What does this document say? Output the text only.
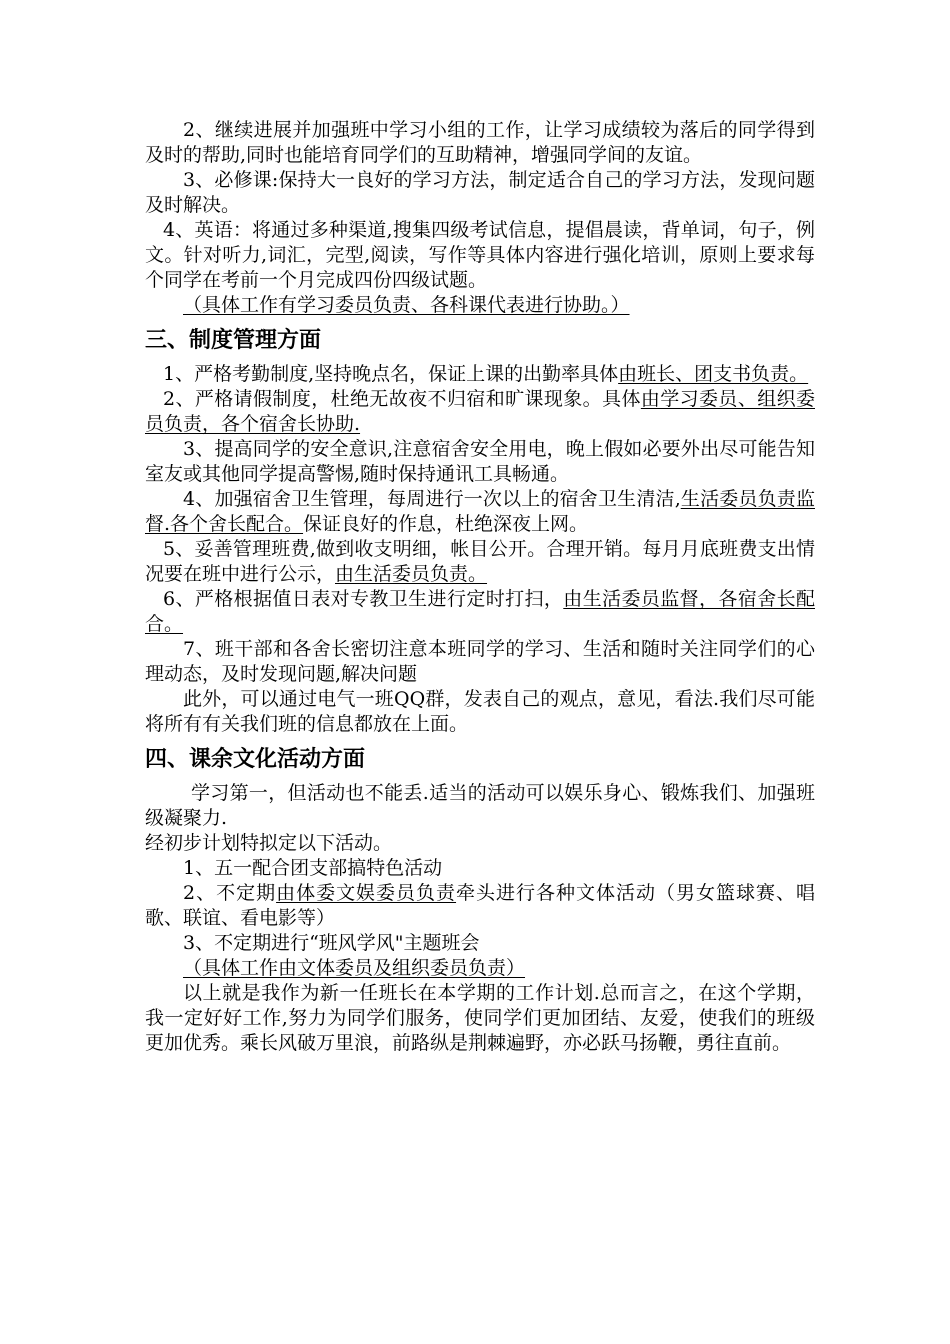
2、继续进展并加强班中学习小组的工作，让学习成绩较为落后的同学得到及时的帮助,同时也能培育同学们的互助精神，增强同学间的友谊。

3、必修课:保持大一良好的学习方法，制定适合自己的学习方法，发现问题及时解决。

4、英语：将通过多种渠道,搜集四级考试信息，提倡晨读，背单词，句子，例文。针对听力,词汇，完型,阅读，写作等具体内容进行强化培训，原则上要求每个同学在考前一个月完成四份四级试题。

（具体工作有学习委员负责、各科课代表进行协助。）

三、制度管理方面

1、严格考勤制度,坚持晚点名，保证上课的出勤率具体由班长、团支书负责。

2、严格请假制度，杜绝无故夜不归宿和旷课现象。具体由学习委员、组织委员负责，各个宿舍长协助.

3、提高同学的安全意识,注意宿舍安全用电，晚上假如必要外出尽可能告知室友或其他同学提高警惕,随时保持通讯工具畅通。

4、加强宿舍卫生管理，每周进行一次以上的宿舍卫生清洁,生活委员负责监督.各个舍长配合。保证良好的作息，杜绝深夜上网。

5、妥善管理班费,做到收支明细，帐目公开。合理开销。每月月底班费支出情况要在班中进行公示，由生活委员负责。

6、严格根据值日表对专教卫生进行定时打扫，由生活委员监督，各宿舍长配合。

7、班干部和各舍长密切注意本班同学的学习、生活和随时关注同学们的心理动态，及时发现问题,解决问题

此外，可以通过电气一班QQ群，发表自己的观点，意见，看法.我们尽可能将所有有关我们班的信息都放在上面。

四、课余文化活动方面

学习第一，但活动也不能丢.适当的活动可以娱乐身心、锻炼我们、加强班级凝聚力.

经初步计划特拟定以下活动。

1、五一配合团支部搞特色活动

2、不定期由体委文娱委员负责牵头进行各种文体活动（男女篮球赛、唱歌、联谊、看电影等）

3、不定期进行“班风学风"主题班会

（具体工作由文体委员及组织委员负责）

以上就是我作为新一任班长在本学期的工作计划.总而言之，在这个学期，我一定好好工作,努力为同学们服务，使同学们更加团结、友爱，使我们的班级更加优秀。乘长风破万里浪，前路纵是荆棘遍野，亦必跃马扬鞭，勇往直前。
